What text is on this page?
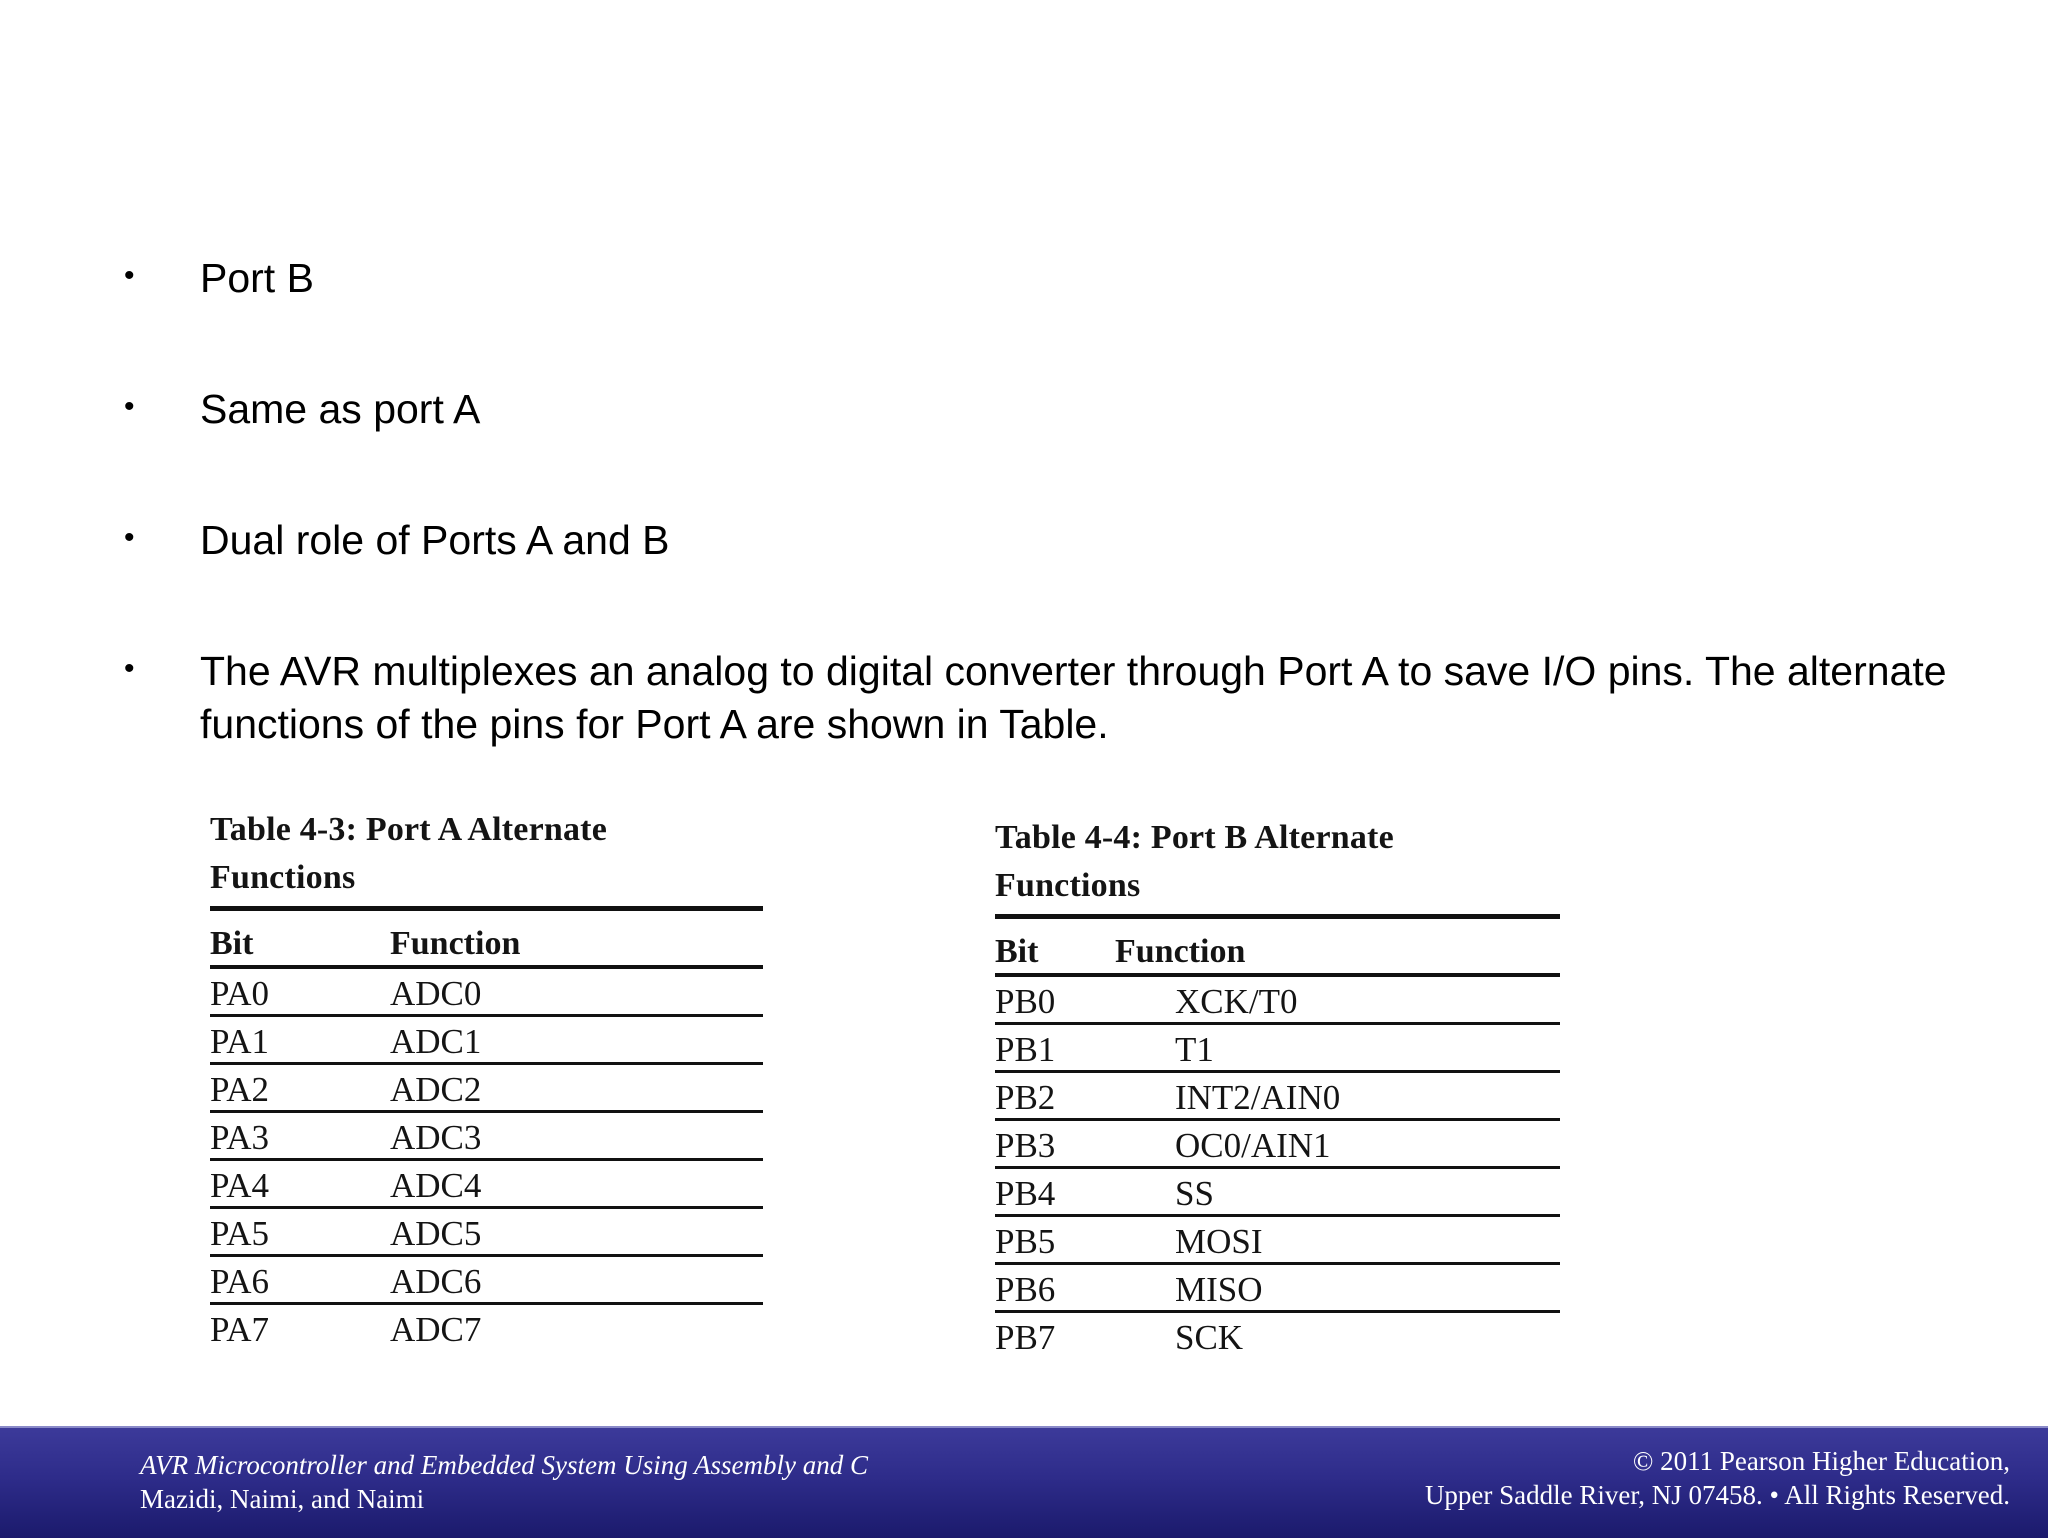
• Port B
• Same as port A
• Dual role of Ports A and B
• The AVR multiplexes an analog to digital converter through Port A to save I/O pins. The alternate functions of the pins for Port A are shown in Table.
Table 4-3: Port A Alternate
Functions
Bit	Function
PA0	ADC0
PA1	ADC1
PA2	ADC2
PA3	ADC3
PA4	ADC4
PA5	ADC5
PA6	ADC6
PA7	ADC7
Table 4-4: Port B Alternate
Functions
Bit	Function
PB0	XCK/T0
PB1	T1
PB2	INT2/AIN0
PB3	OC0/AIN1
PB4	SS
PB5	MOSI
PB6	MISO
PB7	SCK
AVR Microcontroller and Embedded System Using Assembly and C
Mazidi, Naimi, and Naimi
© 2011 Pearson Higher Education,
Upper Saddle River, NJ 07458. • All Rights Reserved.
